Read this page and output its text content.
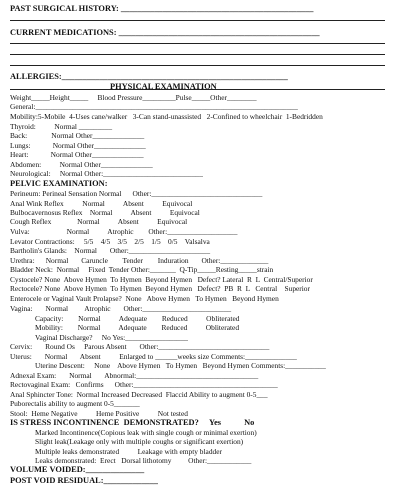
PAST SURGICAL HISTORY: ______________________________________________
CURRENT MEDICATIONS: ________________________________________________
ALLERGIES:______________________________________________________
PHYSICAL EXAMINATION
Weight_____Height_____     Blood Pressure_________Pulse_____Other________
General:_______________________________________________________________________
Mobility:5-Mobile  4-Uses cane/walker   3-Can stand-unassisted   2-Confined to wheelchair  1-Bedridden
Thyroid:          Normal _________
Back:             Normal Other______________
Lungs:            Normal Other______________
Heart:            Normal Other______________
Abdomen:          Normal Other______________
Neurological:     Normal Other:___________________________
PELVIC EXAMINATION:
Perineum: Perineal Sensation Normal      Other:______________________________
Anal Wink Reflex          Normal          Absent          Equivocal
Bulbocavernosus Reflex    Normal          Absent          Equivocal
Cough Reflex              Normal          Absent          Equivocal
Vulva:                    Normal          Atrophic        Other:___________________
Levator Contractions:     5/5    4/5    3/5    2/5    1/5    0/5    Valsalva
Bartholin's Glands:    Normal       Other:______________________
Urethra:      Normal       Caruncle        Tender        Induration       Other:_____________
Bladder Neck:  Normal     Fixed  Tender Other:_______  Q-Tip_____Resting_____strain
Cystocele? None  Above Hymen  To Hymen  Beyond Hymen   Defect? Lateral  R  L  Central/Superior
Rectocele? None  Above Hymen  To Hymen  Beyond Hymen   Defect?  PB  R  L   Central    Superior
Enterocele or Vaginal Vault Prolapse?  None   Above Hymen   To Hymen   Beyond Hymen
Vagina:       Normal         Atrophic       Other:________________________
Capacity:        Normal          Adequate        Reduced          Obliterated
Mobility:        Normal          Adequate        Reduced          Obliterated
Vaginal Discharge?     No Yes:_________________
Cervix:       Round Os     Parous Absent       Other:______________________________
Uterus:       Normal       Absent          Enlarged to ______weeks size Comments:______________
Uterine Descent:     None    Above Hymen   To Hymen   Beyond Hymen Comments:___________
Adnexal Exam:       Normal       Abnormal:_________________________________
Rectovaginal Exam:   Confirms      Other:_______________________________________
Anal Sphincter Tone:  Normal Increased Decreased  Flaccid Ability to augment 0-5___
Puborectalis ability to augment 0-5_______
Stool:  Heme Negative          Heme Positive          Not tested
IS STRESS INCONTINENCE  DEMONSTRATED?     Yes           No
Marked Incontinence(Copious leak with single cough or minimal exertion)
Slight leak(Leakage only with multiple coughs or significant exertion)
Multiple leaks demonstrated          Leakage with empty bladder
Leaks demonstrated:  Erect   Dorsal lithotomy         Other:____________
VOLUME VOIDED:______________
POST VOID RESIDUAL:_____________
